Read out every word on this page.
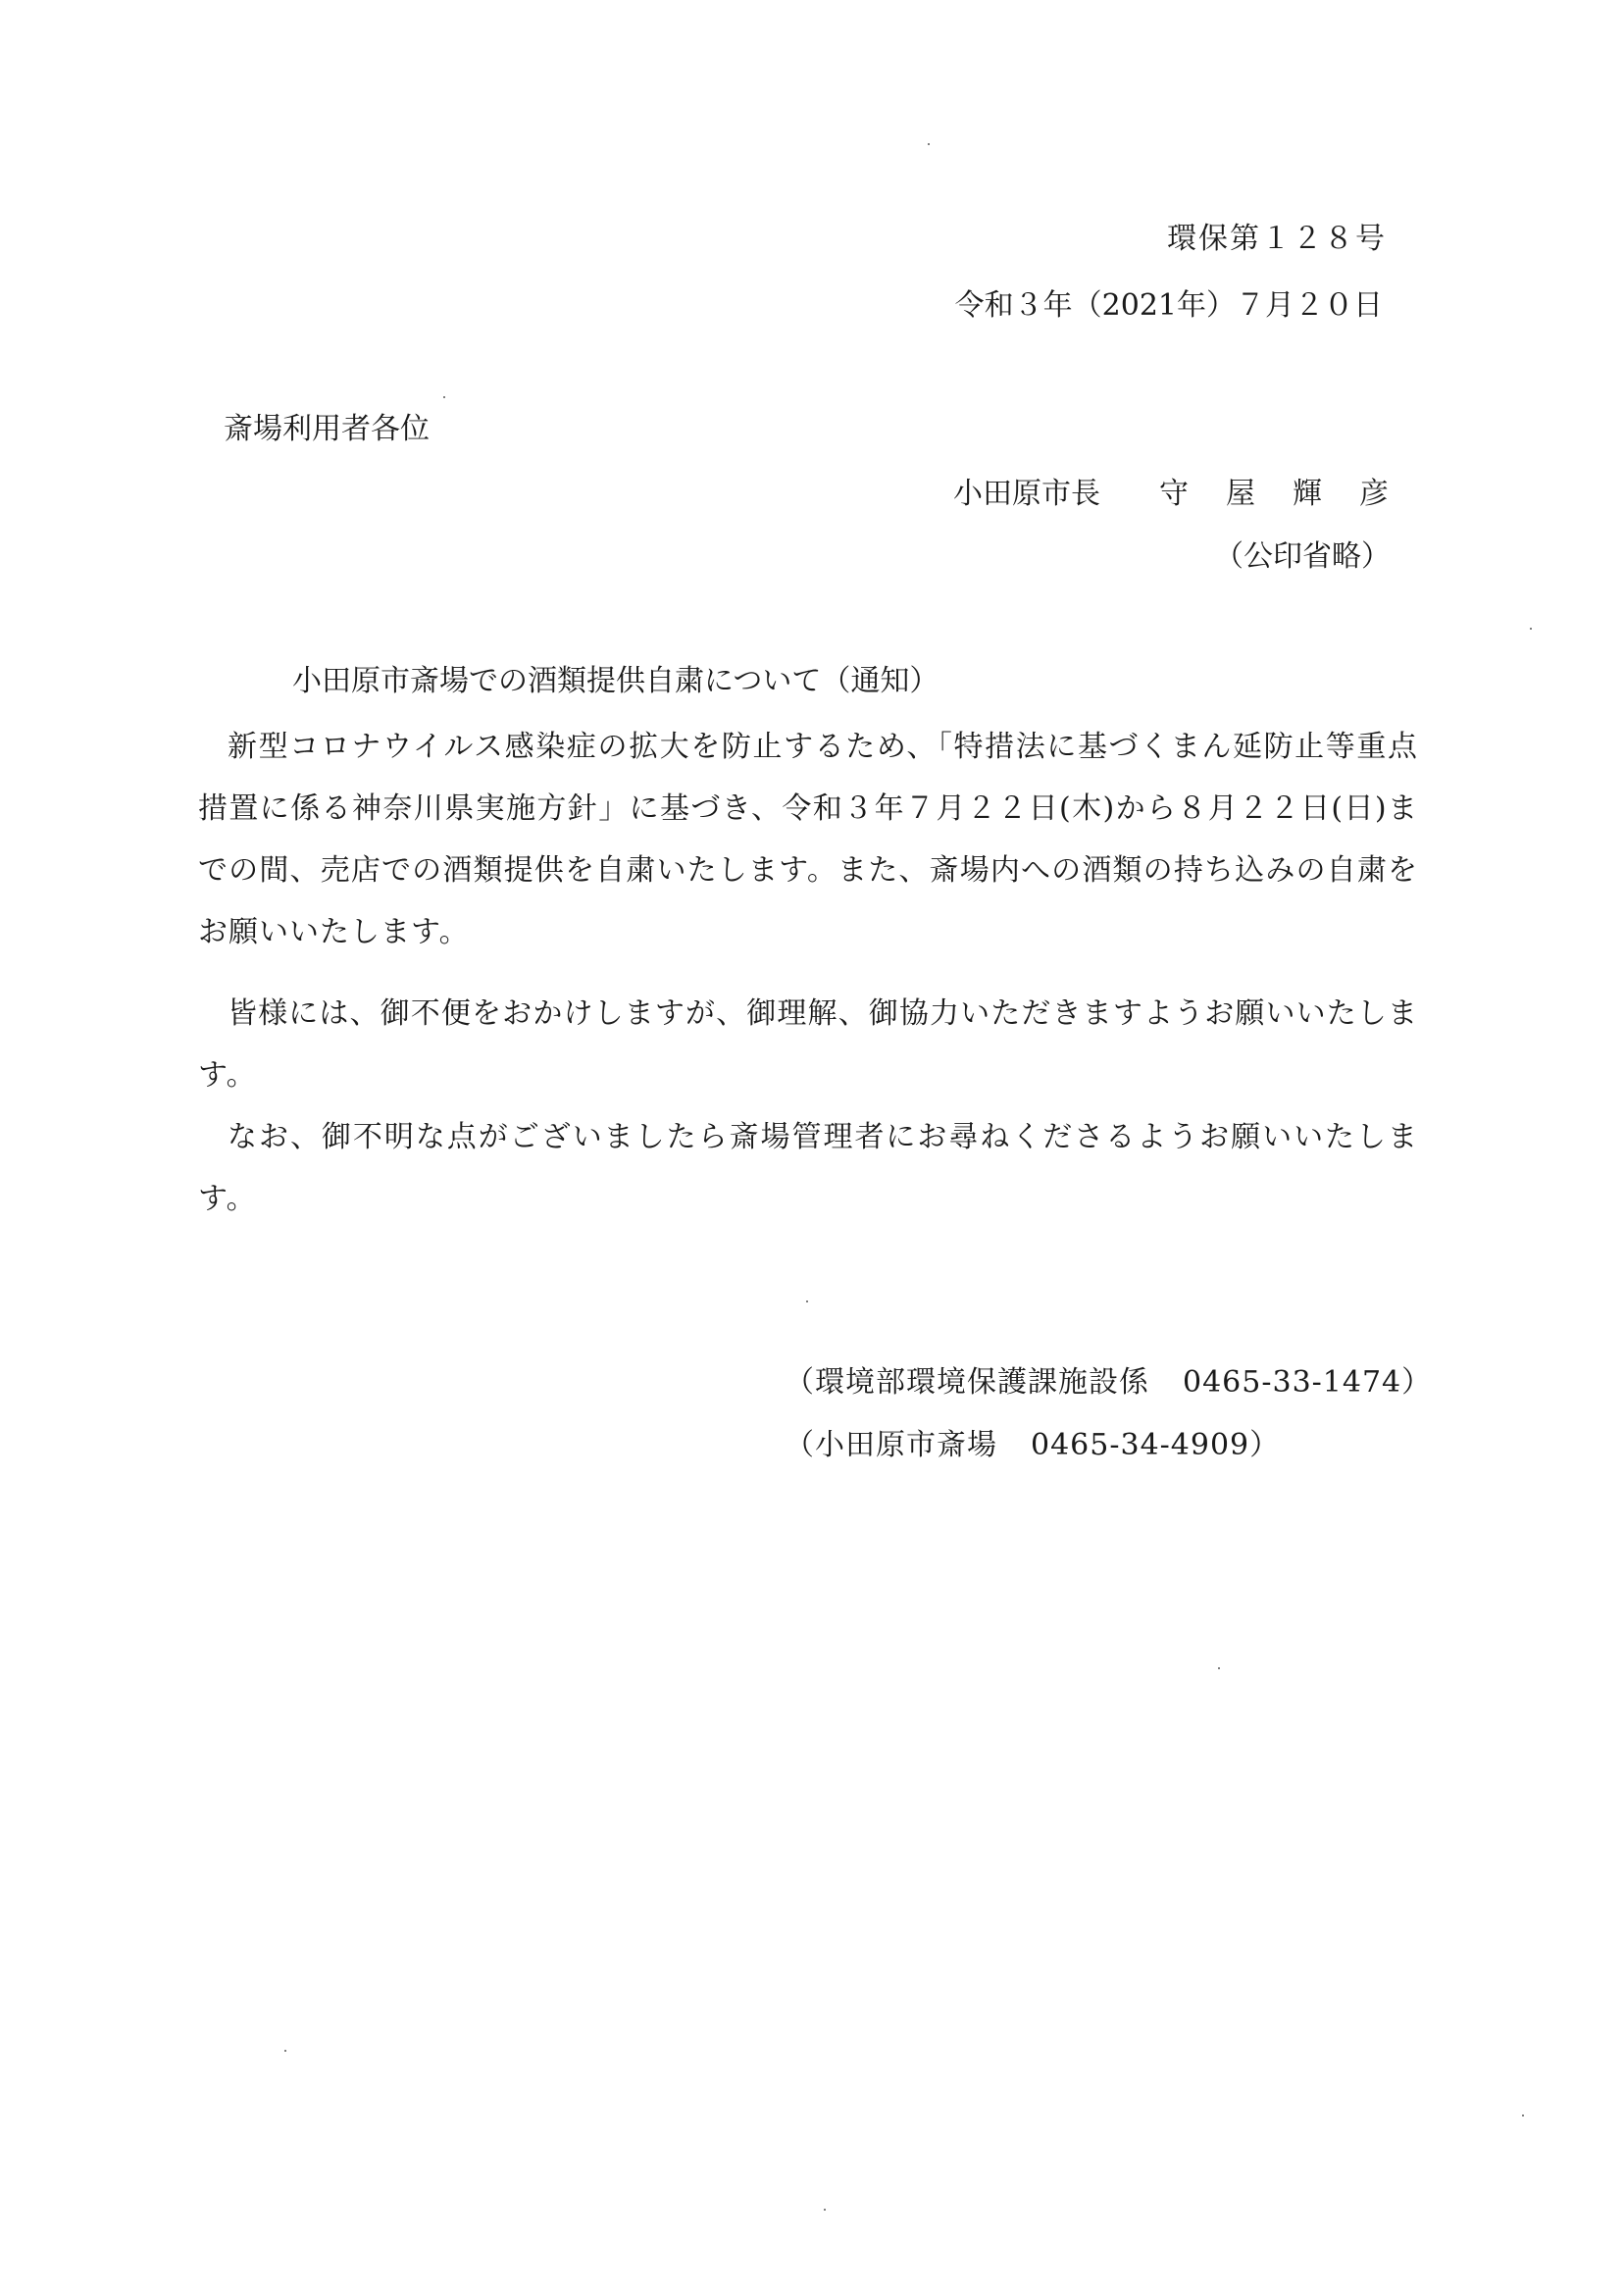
環保第１２８号
令和３年（2021年）７月２０日
斎場利用者各位
小田原市長 守 屋 輝 彦
（公印省略）
小田原市斎場での酒類提供自粛について（通知）
新型コロナウイルス感染症の拡大を防止するため、「特措法に基づくまん延防止等重点措置に係る神奈川県実施方針」に基づき、令和３年７月２２日(木)から８月２２日(日)までの間、売店での酒類提供を自粛いたします。また、斎場内への酒類の持ち込みの自粛をお願いいたします。
皆様には、御不便をおかけしますが、御理解、御協力いただきますようお願いいたします。
なお、御不明な点がございましたら斎場管理者にお尋ねくださるようお願いいたします。
（環境部環境保護課施設係 0465-33-1474）
（小田原市斎場 0465-34-4909）
